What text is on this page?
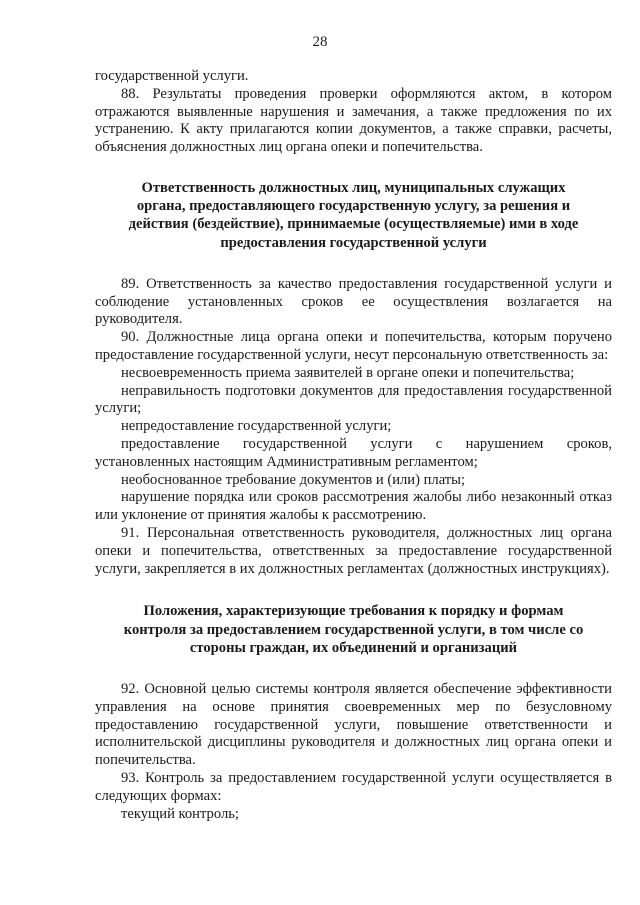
28

государственной услуги.

88. Результаты проведения проверки оформляются актом, в котором отражаются выявленные нарушения и замечания, а также предложения по их устранению. К акту прилагаются копии документов, а также справки, расчеты, объяснения должностных лиц органа опеки и попечительства.

Ответственность должностных лиц, муниципальных служащих органа, предоставляющего государственную услугу, за решения и действия (бездействие), принимаемые (осуществляемые) ими в ходе предоставления государственной услуги

89. Ответственность за качество предоставления государственной услуги и соблюдение установленных сроков ее осуществления возлагается на руководителя.

90. Должностные лица органа опеки и попечительства, которым поручено предоставление государственной услуги, несут персональную ответственность за:

несвоевременность приема заявителей в органе опеки и попечительства;

неправильность подготовки документов для предоставления государственной услуги;

непредоставление государственной услуги;

предоставление государственной услуги с нарушением сроков, установленных настоящим Административным регламентом;

необоснованное требование документов и (или) платы;

нарушение порядка или сроков рассмотрения жалобы либо незаконный отказ или уклонение от принятия жалобы к рассмотрению.

91. Персональная ответственность руководителя, должностных лиц органа опеки и попечительства, ответственных за предоставление государственной услуги, закрепляется в их должностных регламентах (должностных инструкциях).

Положения, характеризующие требования к порядку и формам контроля за предоставлением государственной услуги, в том числе со стороны граждан, их объединений и организаций

92. Основной целью системы контроля является обеспечение эффективности управления на основе принятия своевременных мер по безусловному предоставлению государственной услуги, повышение ответственности и исполнительской дисциплины руководителя и должностных лиц органа опеки и попечительства.

93. Контроль за предоставлением государственной услуги осуществляется в следующих формах:

текущий контроль;
